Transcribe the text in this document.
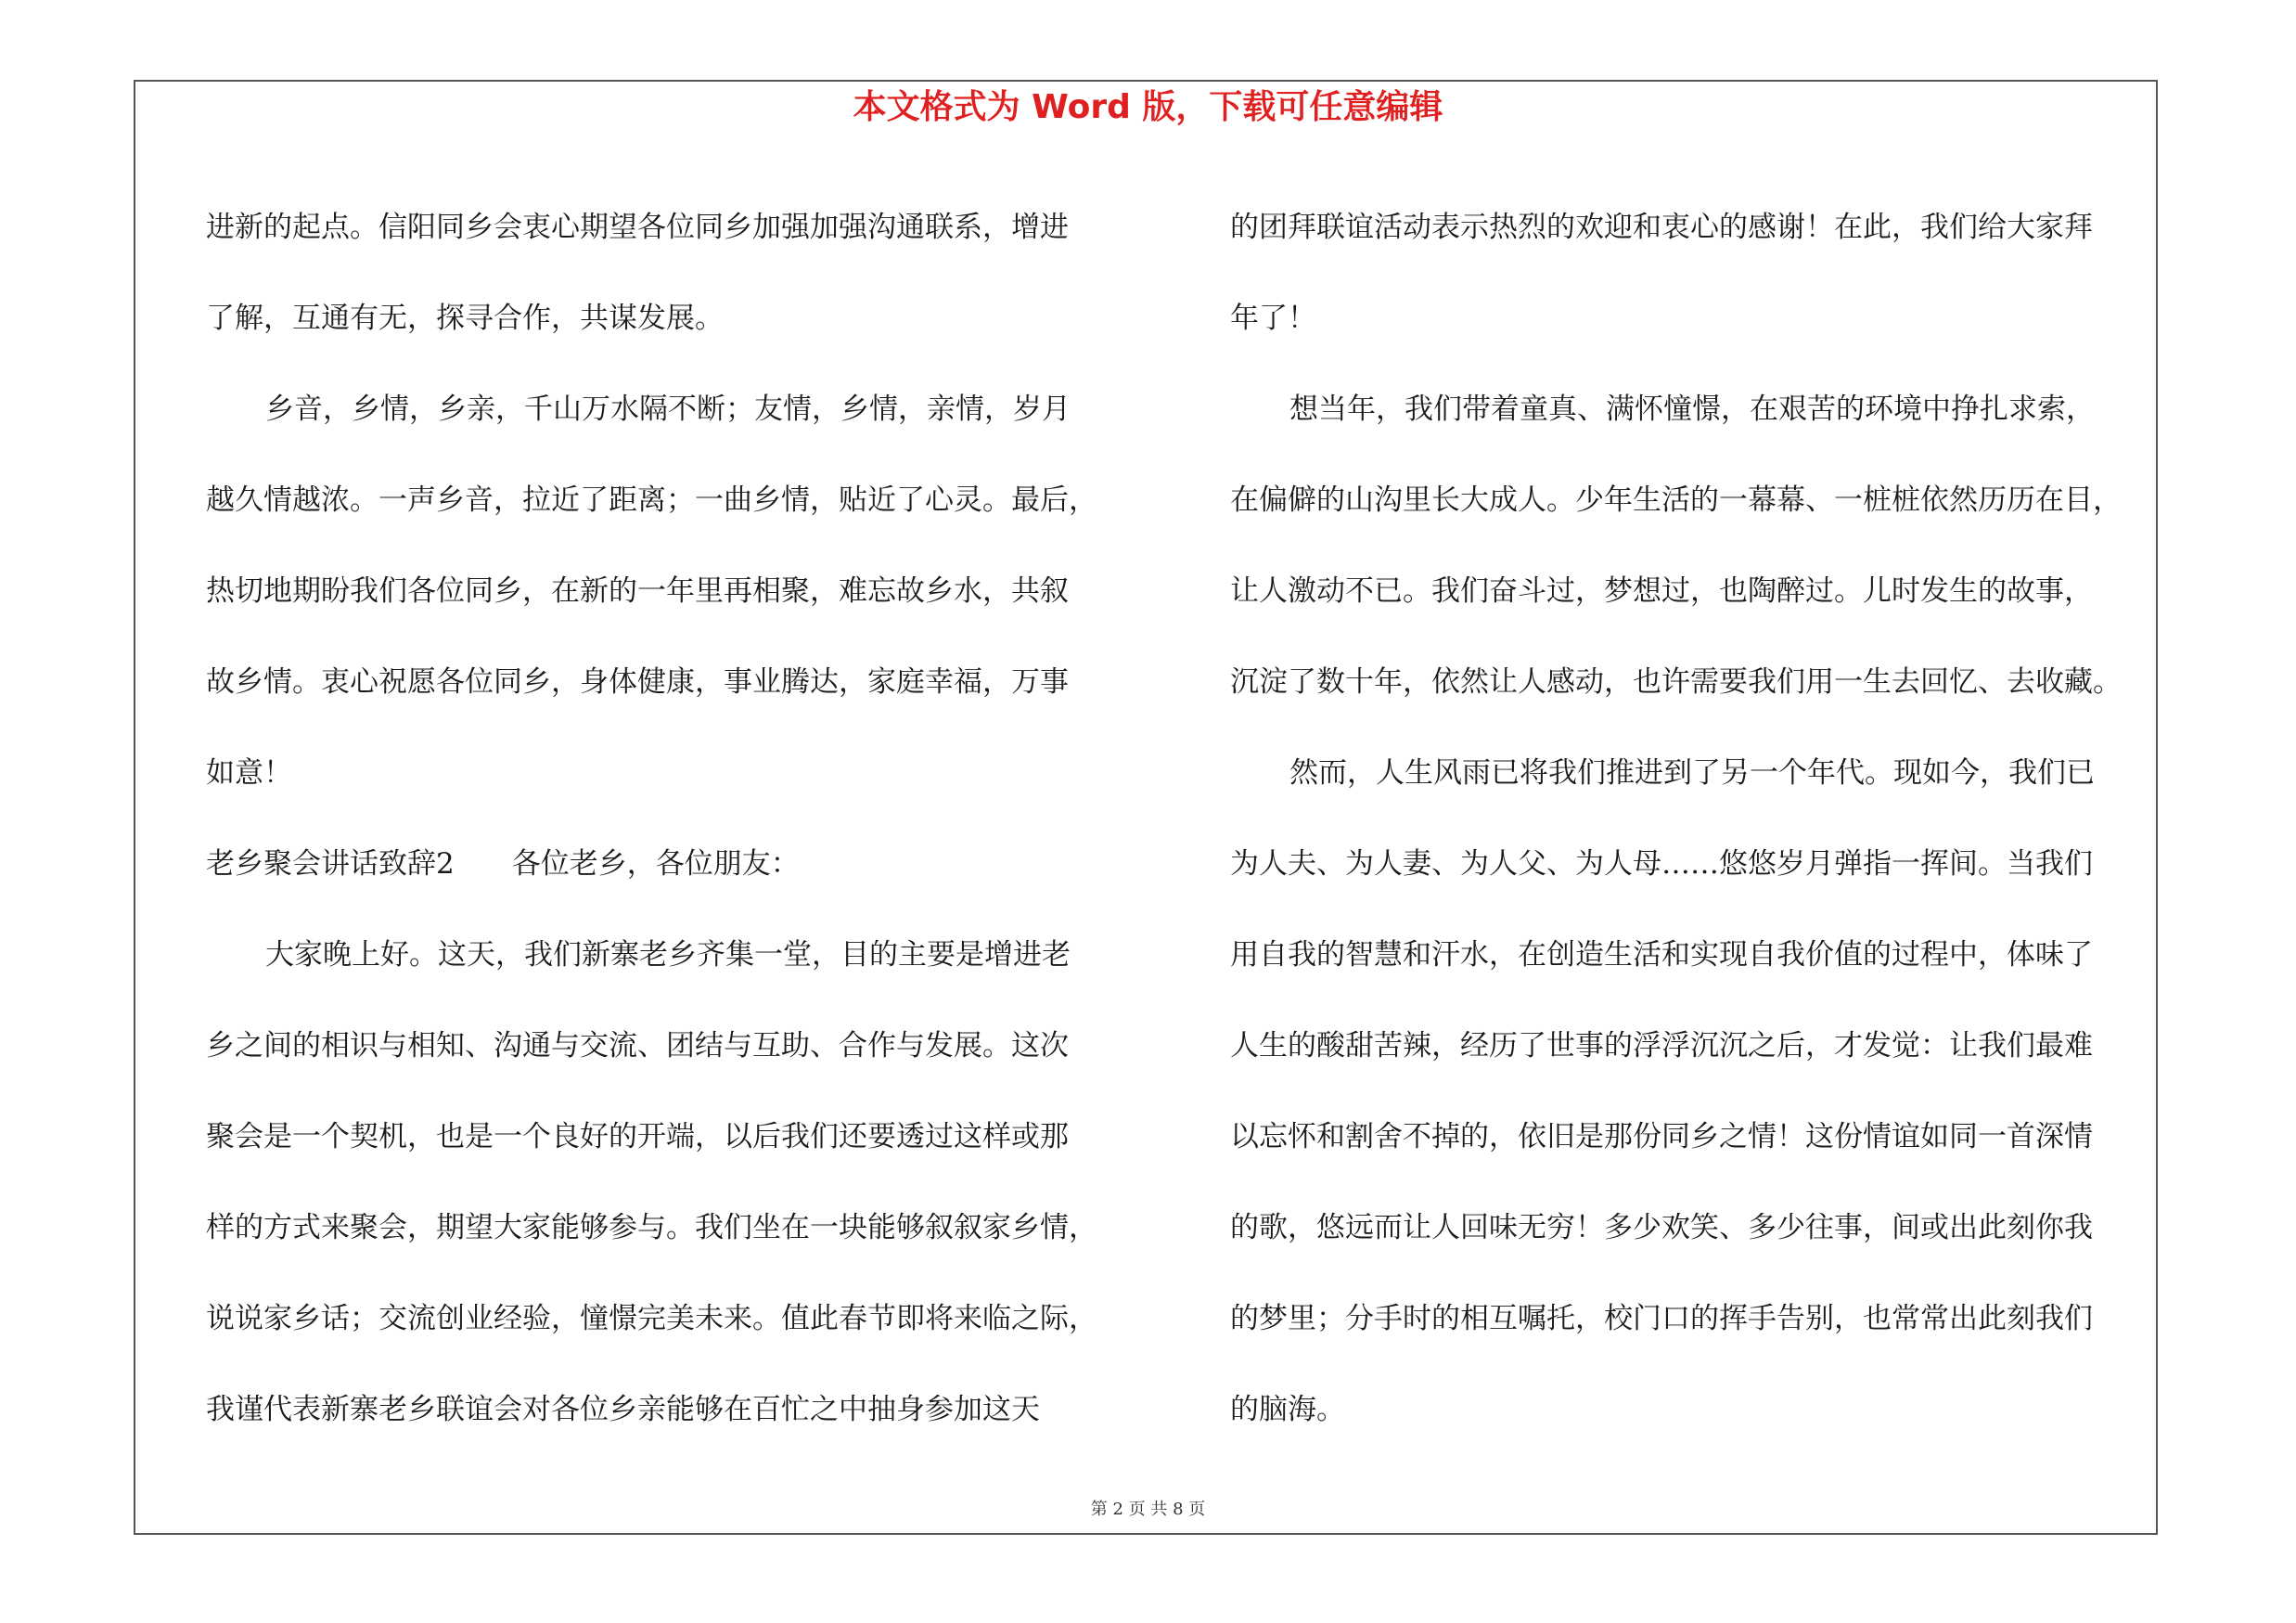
本文格式为 Word 版，下载可任意编辑

进新的起点。信阳同乡会衷心期望各位同乡加强加强沟通联系，增进

了解，互通有无，探寻合作，共谋发展。

乡音，乡情，乡亲，千山万水隔不断；友情，乡情，亲情，岁月

越久情越浓。一声乡音，拉近了距离；一曲乡情，贴近了心灵。最后，

热切地期盼我们各位同乡，在新的一年里再相聚，难忘故乡水，共叙

故乡情。衷心祝愿各位同乡，身体健康，事业腾达，家庭幸福，万事

如意！

老乡聚会讲话致辞2　　各位老乡，各位朋友：

大家晚上好。这天，我们新寨老乡齐集一堂，目的主要是增进老

乡之间的相识与相知、沟通与交流、团结与互助、合作与发展。这次

聚会是一个契机，也是一个良好的开端，以后我们还要透过这样或那

样的方式来聚会，期望大家能够参与。我们坐在一块能够叙叙家乡情，

说说家乡话；交流创业经验，憧憬完美未来。值此春节即将来临之际，

我谨代表新寨老乡联谊会对各位乡亲能够在百忙之中抽身参加这天

的团拜联谊活动表示热烈的欢迎和衷心的感谢！在此，我们给大家拜

年了！

想当年，我们带着童真、满怀憧憬，在艰苦的环境中挣扎求索，

在偏僻的山沟里长大成人。少年生活的一幕幕、一桩桩依然历历在目，

让人激动不已。我们奋斗过，梦想过，也陶醉过。儿时发生的故事，

沉淀了数十年，依然让人感动，也许需要我们用一生去回忆、去收藏。

然而，人生风雨已将我们推进到了另一个年代。现如今，我们已

为人夫、为人妻、为人父、为人母……悠悠岁月弹指一挥间。当我们

用自我的智慧和汗水，在创造生活和实现自我价值的过程中，体味了

人生的酸甜苦辣，经历了世事的浮浮沉沉之后，才发觉：让我们最难

以忘怀和割舍不掉的，依旧是那份同乡之情！这份情谊如同一首深情

的歌，悠远而让人回味无穷！多少欢笑、多少往事，间或出此刻你我

的梦里；分手时的相互嘱托，校门口的挥手告别，也常常出此刻我们

的脑海。

第 2 页 共 8 页
